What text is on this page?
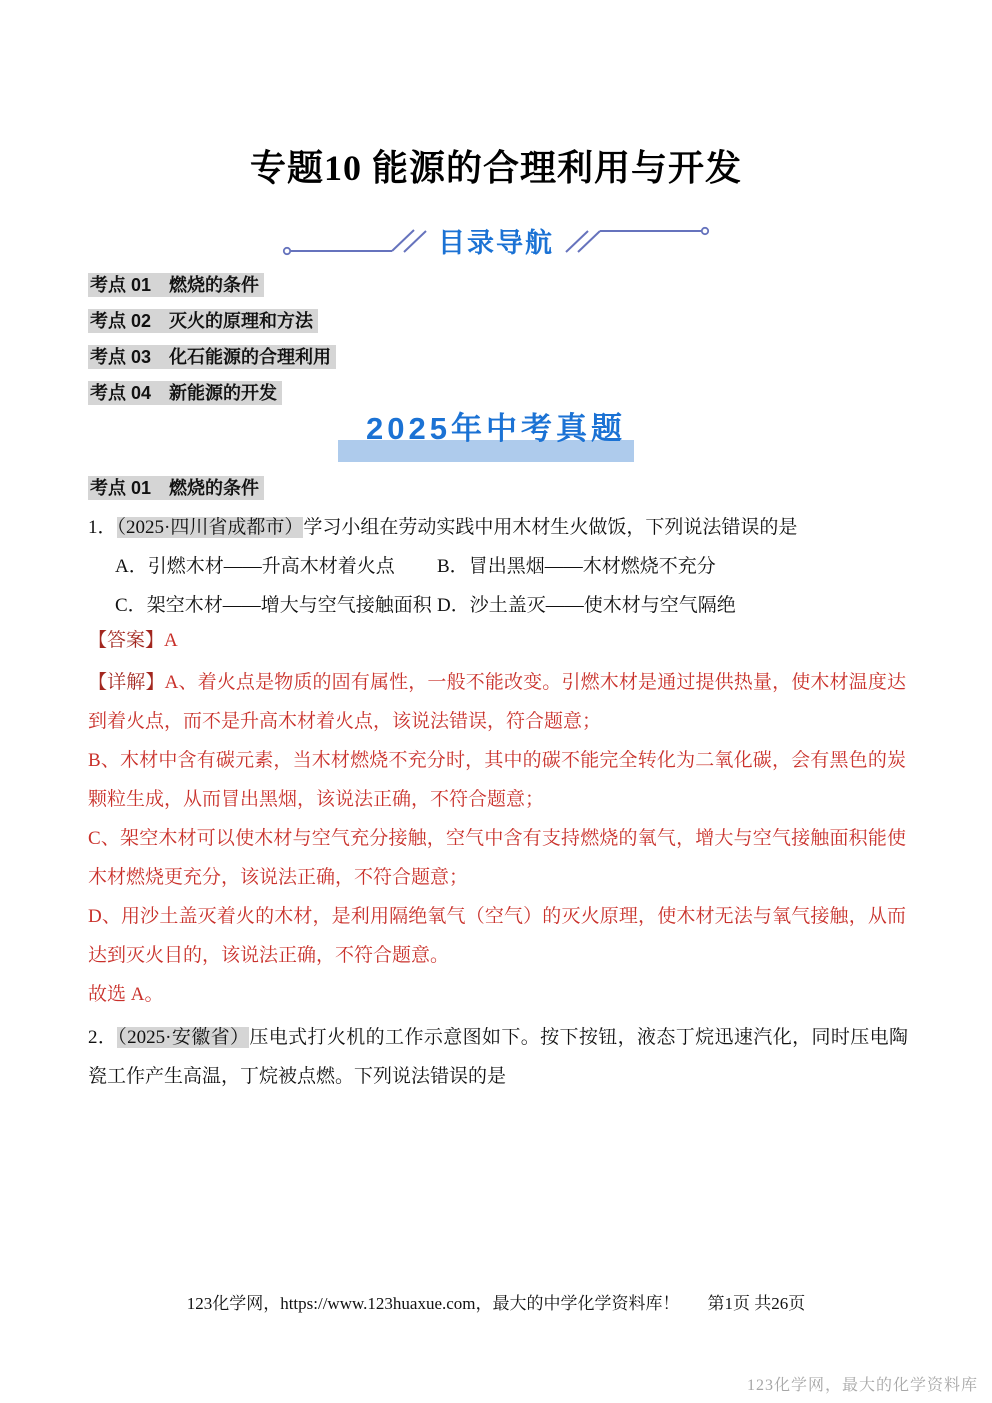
专题10 能源的合理利用与开发
目录导航
考点 01　燃烧的条件
考点 02　灭火的原理和方法
考点 03　化石能源的合理利用
考点 04　新能源的开发
2025年中考真题
考点 01　燃烧的条件
1．（2025·四川省成都市）学习小组在劳动实践中用木材生火做饭，下列说法错误的是
A．引燃木材——升高木材着火点	B．冒出黑烟——木材燃烧不充分
C．架空木材——增大与空气接触面积 D．沙土盖灭——使木材与空气隔绝
【答案】A

【详解】A、着火点是物质的固有属性，一般不能改变。引燃木材是通过提供热量，使木材温度达到着火点，而不是升高木材着火点，该说法错误，符合题意；

B、木材中含有碳元素，当木材燃烧不充分时，其中的碳不能完全转化为二氧化碳，会有黑色的炭颗粒生成，从而冒出黑烟，该说法正确，不符合题意；

C、架空木材可以使木材与空气充分接触，空气中含有支持燃烧的氧气，增大与空气接触面积能使木材燃烧更充分，该说法正确，不符合题意；

D、用沙土盖灭着火的木材，是利用隔绝氧气（空气）的灭火原理，使木材无法与氧气接触，从而达到灭火目的，该说法正确，不符合题意。

故选 A。

2．（2025·安徽省）压电式打火机的工作示意图如下。按下按钮，液态丁烷迅速汽化，同时压电陶瓷工作产生高温，丁烷被点燃。下列说法错误的是
123化学网，https://www.123huaxue.com，最大的中学化学资料库！ 第1页 共26页
123化学网，最大的化学资料库
